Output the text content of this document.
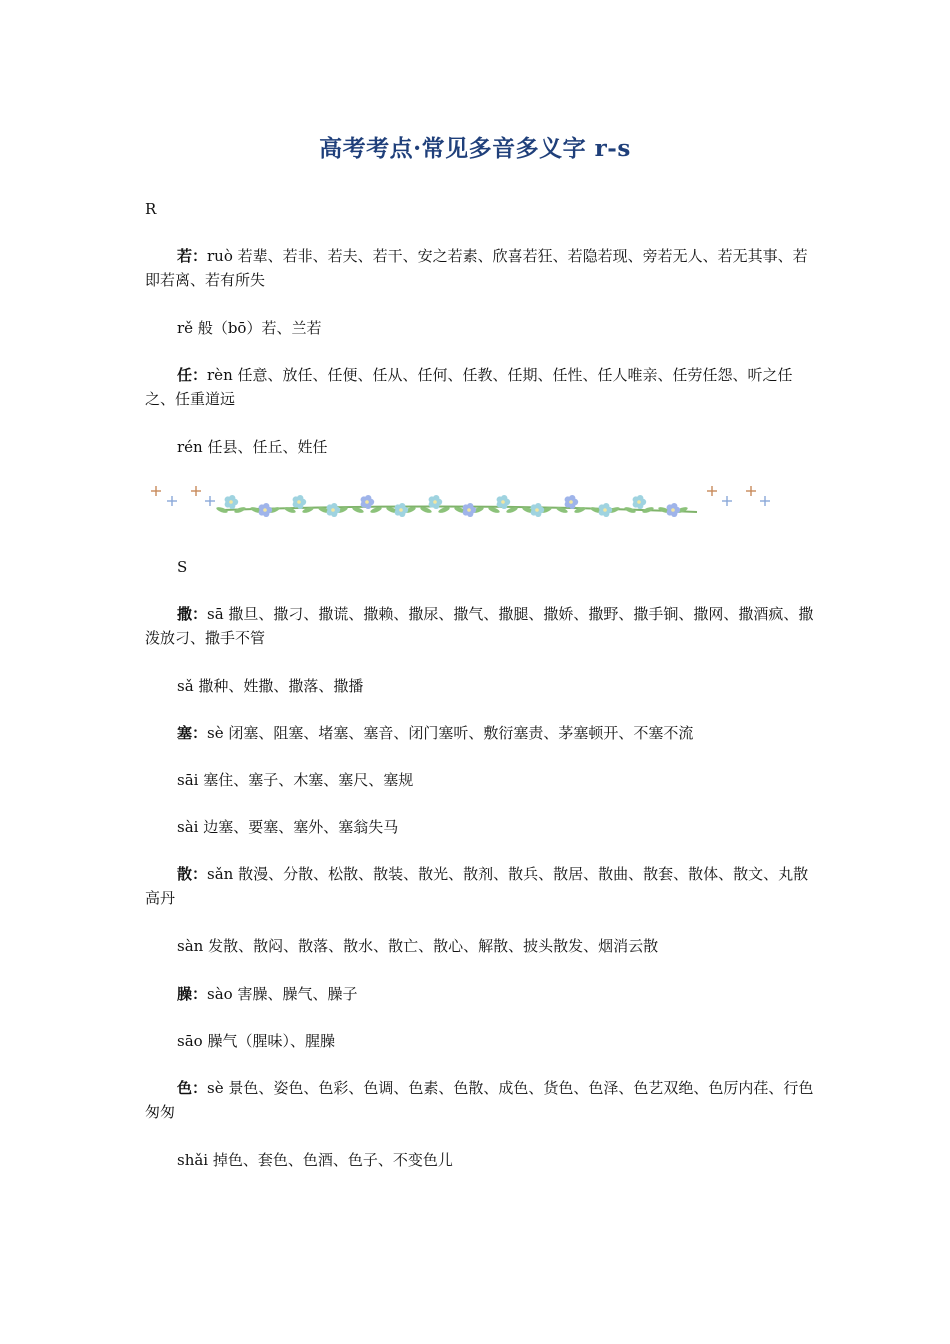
高考考点·常见多音多义字 r-s
R
若：ruò 若辈、若非、若夫、若干、安之若素、欣喜若狂、若隐若现、旁若无人、若无其事、若即若离、若有所失
rě 般（bō）若、兰若
任：rèn 任意、放任、任便、任从、任何、任教、任期、任性、任人唯亲、任劳任怨、听之任之、任重道远
rén 任县、任丘、姓任
S
撒：sā 撒旦、撒刁、撒谎、撒赖、撒尿、撒气、撒腿、撒娇、撒野、撒手锏、撒网、撒酒疯、撒泼放刁、撒手不管
sǎ 撒种、姓撒、撒落、撒播
塞：sè 闭塞、阻塞、堵塞、塞音、闭门塞听、敷衍塞责、茅塞顿开、不塞不流
sāi 塞住、塞子、木塞、塞尺、塞规
sài 边塞、要塞、塞外、塞翁失马
散：sǎn 散漫、分散、松散、散装、散光、散剂、散兵、散居、散曲、散套、散体、散文、丸散高丹
sàn 发散、散闷、散落、散水、散亡、散心、解散、披头散发、烟消云散
臊：sào 害臊、臊气、臊子
sāo 臊气（腥味）、腥臊
色：sè 景色、姿色、色彩、色调、色素、色散、成色、货色、色泽、色艺双绝、色厉内荏、行色匆匆
shǎi 掉色、套色、色酒、色子、不变色儿
